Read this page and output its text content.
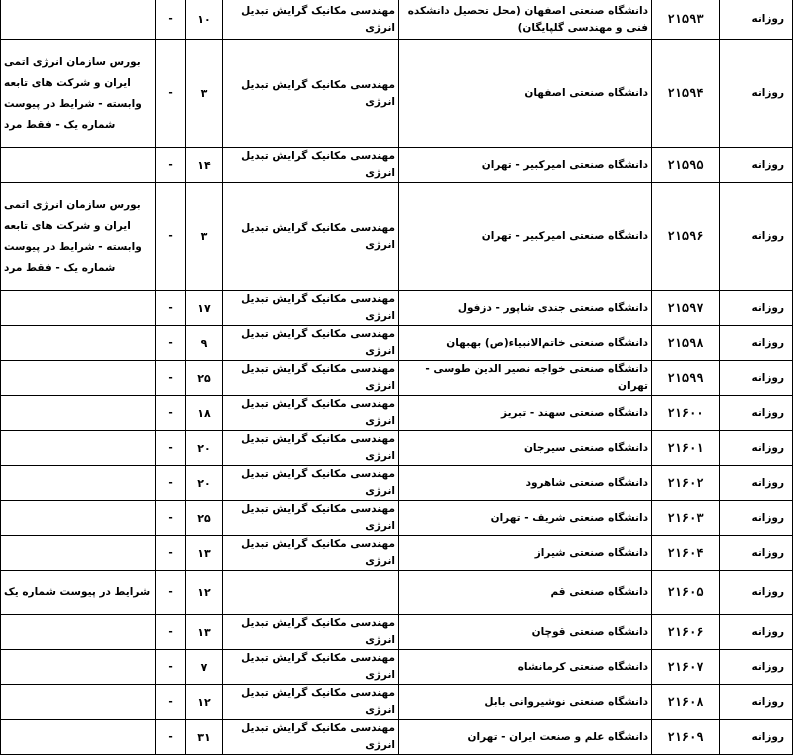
روزانه	۲۱۵۹۳	دانشگاه صنعتی اصفهان (محل تحصیل دانشکده فنی و مهندسی گلپایگان)	مهندسی مکانیک گرایش تبدیل انرژی	۱۰	-	
روزانه	۲۱۵۹۴	دانشگاه صنعتی اصفهان	مهندسی مکانیک گرایش تبدیل انرژی	۳	-	بورس سازمان انرژی اتمی ایران و شرکت های تابعه وابسته - شرایط در پیوست شماره یک - فقط مرد
روزانه	۲۱۵۹۵	دانشگاه صنعتی امیرکبیر - تهران	مهندسی مکانیک گرایش تبدیل انرژی	۱۴	-	
روزانه	۲۱۵۹۶	دانشگاه صنعتی امیرکبیر - تهران	مهندسی مکانیک گرایش تبدیل انرژی	۳	-	بورس سازمان انرژی اتمی ایران و شرکت های تابعه وابسته - شرایط در پیوست شماره یک - فقط مرد
روزانه	۲۱۵۹۷	دانشگاه صنعتی جندی شاپور - دزفول	مهندسی مکانیک گرایش تبدیل انرژی	۱۷	-	
روزانه	۲۱۵۹۸	دانشگاه صنعتی خاتم‌الانبیاء(ص) بهبهان	مهندسی مکانیک گرایش تبدیل انرژی	۹	-	
روزانه	۲۱۵۹۹	دانشگاه صنعتی خواجه نصیر الدین طوسی - تهران	مهندسی مکانیک گرایش تبدیل انرژی	۲۵	-	
روزانه	۲۱۶۰۰	دانشگاه صنعتی سهند - تبریز	مهندسی مکانیک گرایش تبدیل انرژی	۱۸	-	
روزانه	۲۱۶۰۱	دانشگاه صنعتی سیرجان	مهندسی مکانیک گرایش تبدیل انرژی	۲۰	-	
روزانه	۲۱۶۰۲	دانشگاه صنعتی شاهرود	مهندسی مکانیک گرایش تبدیل انرژی	۲۰	-	
روزانه	۲۱۶۰۳	دانشگاه صنعتی شریف - تهران	مهندسی مکانیک گرایش تبدیل انرژی	۲۵	-	
روزانه	۲۱۶۰۴	دانشگاه صنعتی شیراز	مهندسی مکانیک گرایش تبدیل انرژی	۱۳	-	
روزانه	۲۱۶۰۵	دانشگاه صنعتی قم		۱۲	-	شرایط در پیوست شماره یک
روزانه	۲۱۶۰۶	دانشگاه صنعتی قوچان	مهندسی مکانیک گرایش تبدیل انرژی	۱۳	-	
روزانه	۲۱۶۰۷	دانشگاه صنعتی کرمانشاه	مهندسی مکانیک گرایش تبدیل انرژی	۷	-	
روزانه	۲۱۶۰۸	دانشگاه صنعتی نوشیروانی بابل	مهندسی مکانیک گرایش تبدیل انرژی	۱۲	-	
روزانه	۲۱۶۰۹	دانشگاه علم و صنعت ایران - تهران	مهندسی مکانیک گرایش تبدیل انرژی	۳۱	-	
